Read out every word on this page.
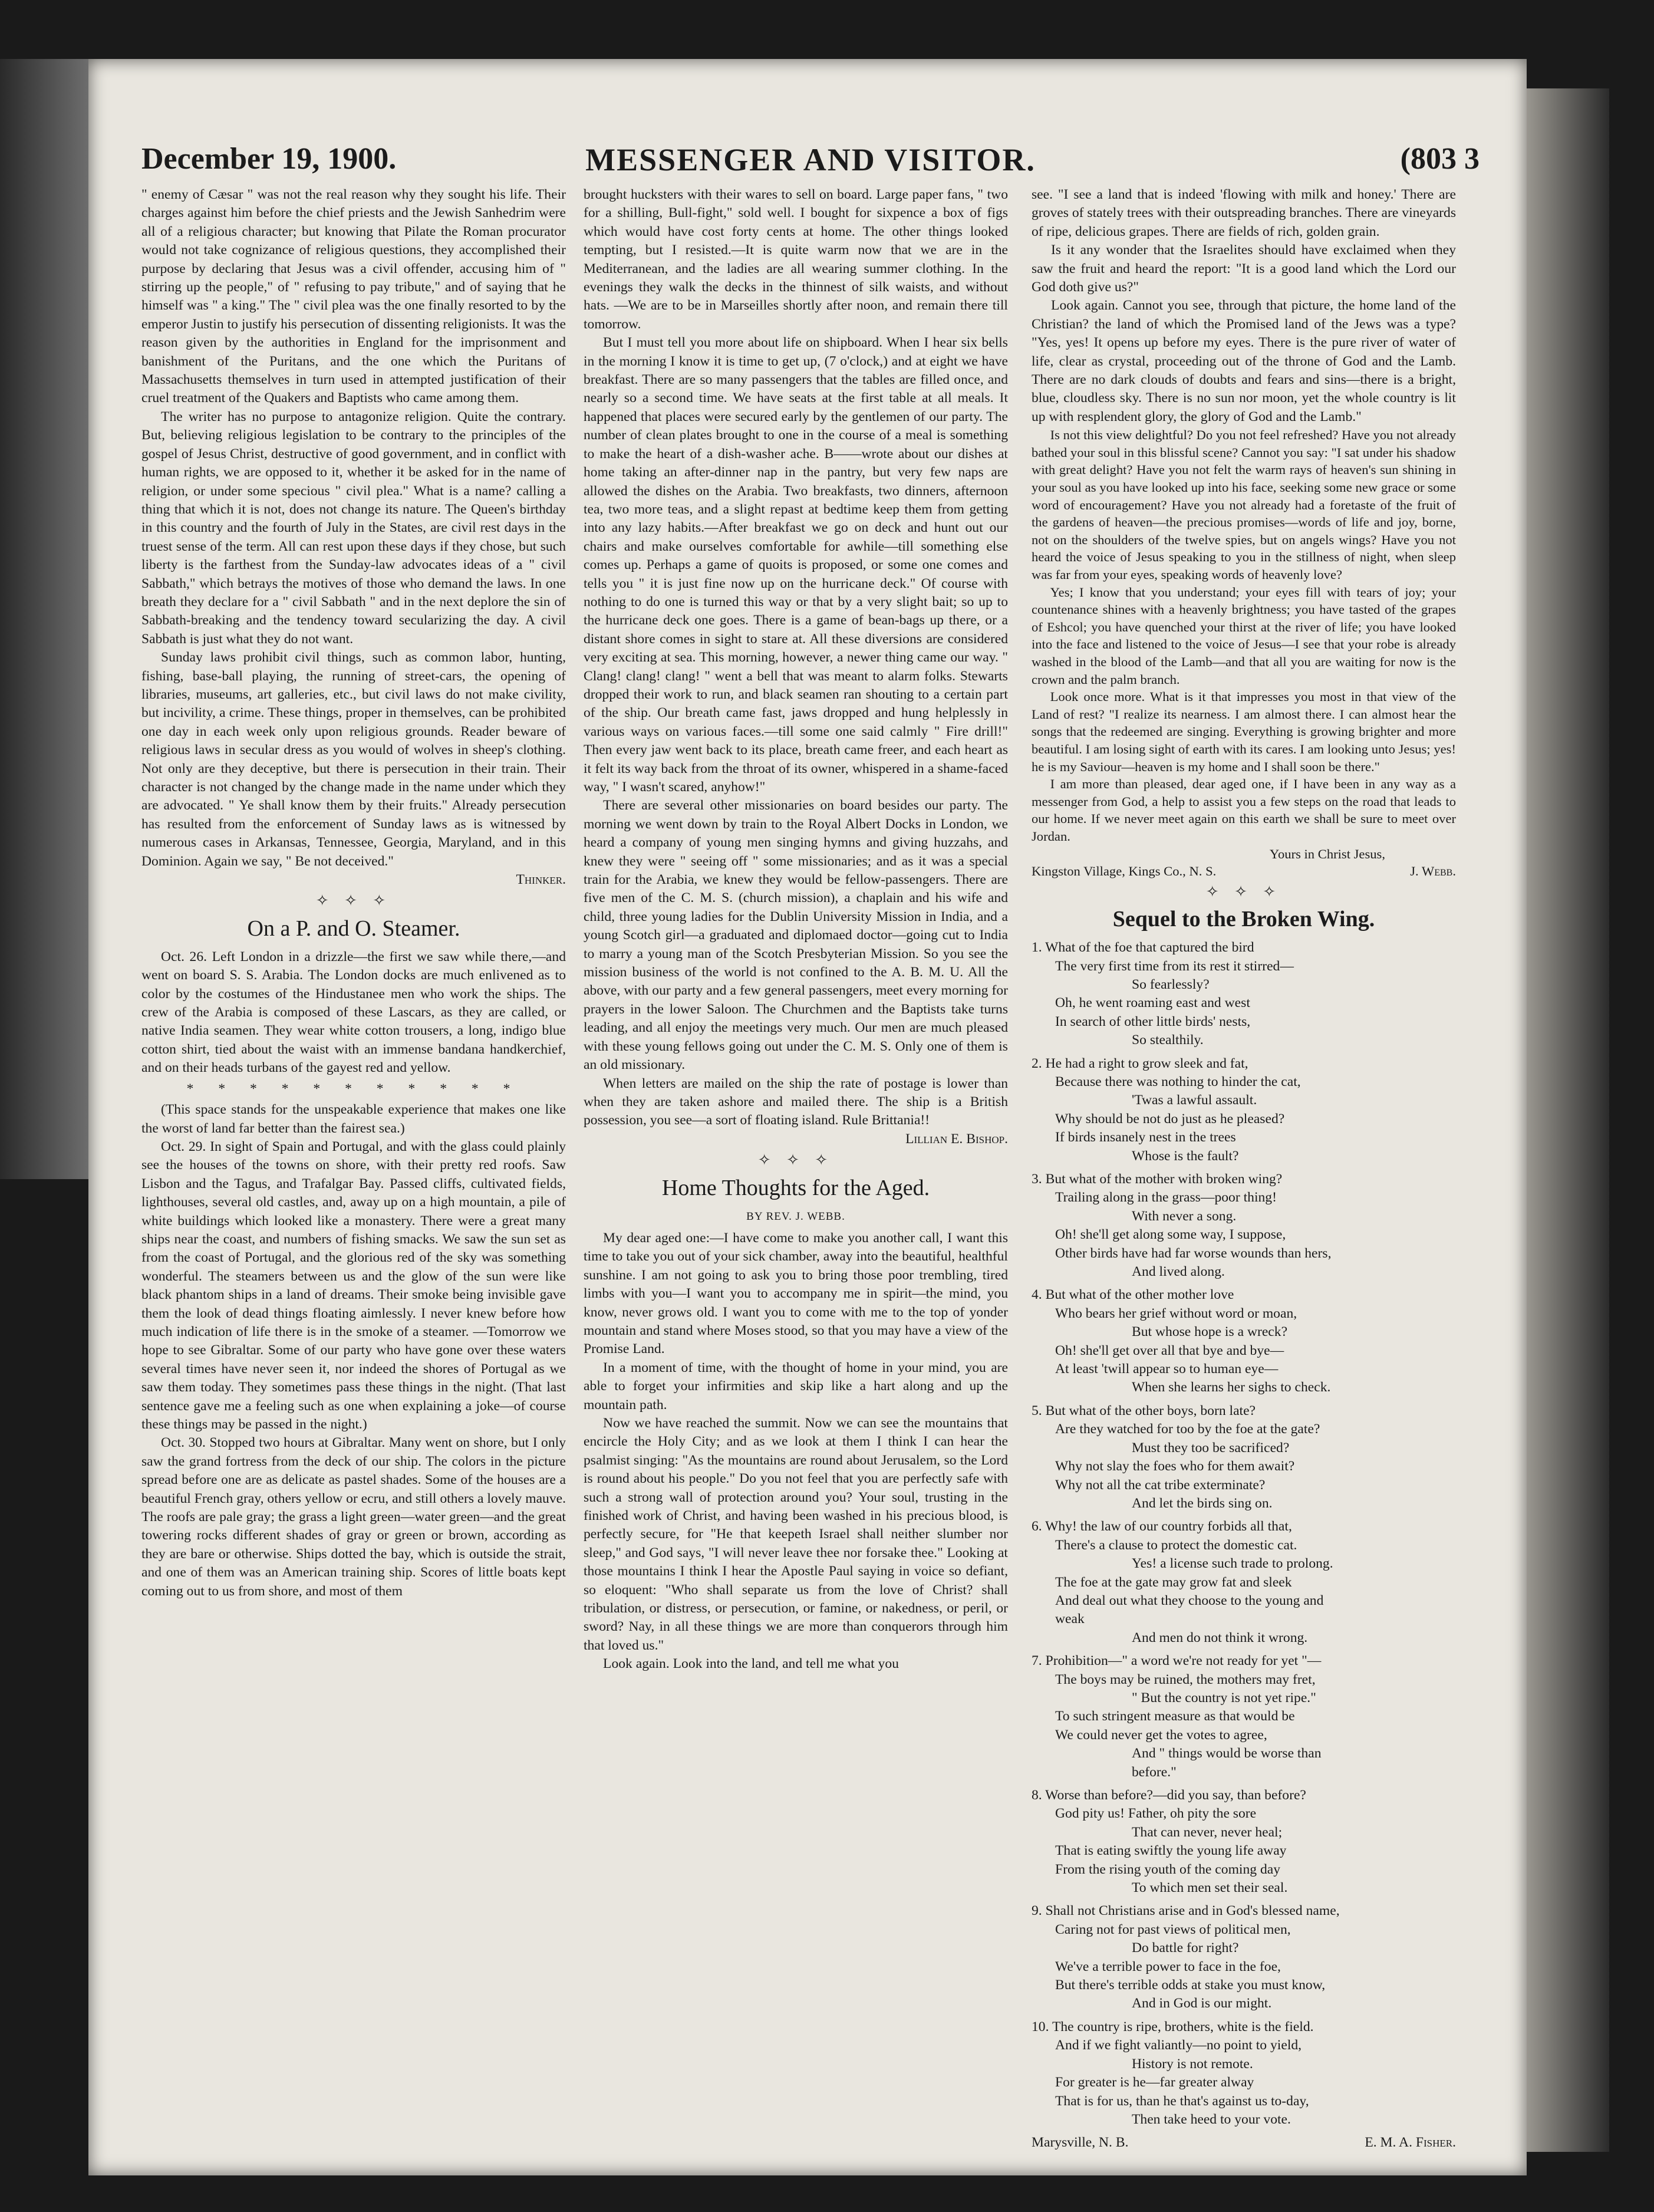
December 19, 1900.	MESSENGER AND VISITOR.	(803 3

" enemy of Cæsar " was not the real reason why they sought his life. Their charges against him before the chief priests and the Jewish Sanhedrim were all of a religious character; but knowing that Pilate the Roman procurator would not take cognizance of religious questions, they accomplished their purpose by declaring that Jesus was a civil offender, accusing him of " stirring up the people," of " refusing to pay tribute," and of saying that he himself was " a king." The " civil plea was the one finally resorted to by the emperor Justin to justify his persecution of dissenting religionists. It was the reason given by the authorities in England for the imprisonment and banishment of the Puritans, and the one which the Puritans of Massachusetts themselves in turn used in attempted justification of their cruel treatment of the Quakers and Baptists who came among them.

The writer has no purpose to antagonize religion. Quite the contrary. But, believing religious legislation to be contrary to the principles of the gospel of Jesus Christ, destructive of good government, and in conflict with human rights, we are opposed to it, whether it be asked for in the name of religion, or under some specious " civil plea." What is a name? calling a thing that which it is not, does not change its nature. The Queen's birthday in this country and the fourth of July in the States, are civil rest days in the truest sense of the term. All can rest upon these days if they chose, but such liberty is the farthest from the Sunday-law advocates ideas of a " civil Sabbath," which betrays the motives of those who demand the laws. In one breath they declare for a " civil Sabbath " and in the next deplore the sin of Sabbath-breaking and the tendency toward secularizing the day. A civil Sabbath is just what they do not want.

Sunday laws prohibit civil things, such as common labor, hunting, fishing, base-ball playing, the running of street-cars, the opening of libraries, museums, art galleries, etc., but civil laws do not make civility, but incivility, a crime. These things, proper in themselves, can be prohibited one day in each week only upon religious grounds. Reader beware of religious laws in secular dress as you would of wolves in sheep's clothing. Not only are they deceptive, but there is persecution in their train. Their character is not changed by the change made in the name under which they are advocated. " Ye shall know them by their fruits." Already persecution has resulted from the enforcement of Sunday laws as is witnessed by numerous cases in Arkansas, Tennessee, Georgia, Maryland, and in this Dominion. Again we say, " Be not deceived."

Thinker.
✧ ✧ ✧
On a P. and O. Steamer.

Oct. 26. Left London in a drizzle—the first we saw while there,—and went on board S. S. Arabia. The London docks are much enlivened as to color by the costumes of the Hindustanee men who work the ships. The crew of the Arabia is composed of these Lascars, as they are called, or native India seamen. They wear white cotton trousers, a long, indigo blue cotton shirt, tied about the waist with an immense bandana handkerchief, and on their heads turbans of the gayest red and yellow.

* * * * * * * * * * *

(This space stands for the unspeakable experience that makes one like the worst of land far better than the fairest sea.)

Oct. 29. In sight of Spain and Portugal, and with the glass could plainly see the houses of the towns on shore, with their pretty red roofs. Saw Lisbon and the Tagus, and Trafalgar Bay. Passed cliffs, cultivated fields, lighthouses, several old castles, and, away up on a high mountain, a pile of white buildings which looked like a monastery. There were a great many ships near the coast, and numbers of fishing smacks. We saw the sun set as from the coast of Portugal, and the glorious red of the sky was something wonderful. The steamers between us and the glow of the sun were like black phantom ships in a land of dreams. Their smoke being invisible gave them the look of dead things floating aimlessly. I never knew before how much indication of life there is in the smoke of a steamer. —Tomorrow we hope to see Gibraltar. Some of our party who have gone over these waters several times have never seen it, nor indeed the shores of Portugal as we saw them today. They sometimes pass these things in the night. (That last sentence gave me a feeling such as one when explaining a joke—of course these things may be passed in the night.)

Oct. 30. Stopped two hours at Gibraltar. Many went on shore, but I only saw the grand fortress from the deck of our ship. The colors in the picture spread before one are as delicate as pastel shades. Some of the houses are a beautiful French gray, others yellow or ecru, and still others a lovely mauve. The roofs are pale gray; the grass a light green—water green—and the great towering rocks different shades of gray or green or brown, according as they are bare or otherwise. Ships dotted the bay, which is outside the strait, and one of them was an American training ship. Scores of little boats kept coming out to us from shore, and most of them

brought hucksters with their wares to sell on board. Large paper fans, " two for a shilling, Bull-fight," sold well. I bought for sixpence a box of figs which would have cost forty cents at home. The other things looked tempting, but I resisted.—It is quite warm now that we are in the Mediterranean, and the ladies are all wearing summer clothing. In the evenings they walk the decks in the thinnest of silk waists, and without hats. —We are to be in Marseilles shortly after noon, and remain there till tomorrow.

But I must tell you more about life on shipboard. When I hear six bells in the morning I know it is time to get up, (7 o'clock,) and at eight we have breakfast. There are so many passengers that the tables are filled once, and nearly so a second time. We have seats at the first table at all meals. It happened that places were secured early by the gentlemen of our party. The number of clean plates brought to one in the course of a meal is something to make the heart of a dish-washer ache. B——wrote about our dishes at home taking an after-dinner nap in the pantry, but very few naps are allowed the dishes on the Arabia. Two breakfasts, two dinners, afternoon tea, two more teas, and a slight repast at bedtime keep them from getting into any lazy habits.—After breakfast we go on deck and hunt out our chairs and make ourselves comfortable for awhile—till something else comes up. Perhaps a game of quoits is proposed, or some one comes and tells you " it is just fine now up on the hurricane deck." Of course with nothing to do one is turned this way or that by a very slight bait; so up to the hurricane deck one goes. There is a game of bean-bags up there, or a distant shore comes in sight to stare at. All these diversions are considered very exciting at sea. This morning, however, a newer thing came our way. " Clang! clang! clang! " went a bell that was meant to alarm folks. Stewarts dropped their work to run, and black seamen ran shouting to a certain part of the ship. Our breath came fast, jaws dropped and hung helplessly in various ways on various faces.—till some one said calmly " Fire drill!" Then every jaw went back to its place, breath came freer, and each heart as it felt its way back from the throat of its owner, whispered in a shame-faced way, " I wasn't scared, anyhow!"

There are several other missionaries on board besides our party. The morning we went down by train to the Royal Albert Docks in London, we heard a company of young men singing hymns and giving huzzahs, and knew they were " seeing off " some missionaries; and as it was a special train for the Arabia, we knew they would be fellow-passengers. There are five men of the C. M. S. (church mission), a chaplain and his wife and child, three young ladies for the Dublin University Mission in India, and a young Scotch girl—a graduated and diplomaed doctor—going cut to India to marry a young man of the Scotch Presbyterian Mission. So you see the mission business of the world is not confined to the A. B. M. U. All the above, with our party and a few general passengers, meet every morning for prayers in the lower Saloon. The Churchmen and the Baptists take turns leading, and all enjoy the meetings very much. Our men are much pleased with these young fellows going out under the C. M. S. Only one of them is an old missionary.

When letters are mailed on the ship the rate of postage is lower than when they are taken ashore and mailed there. The ship is a British possession, you see—a sort of floating island. Rule Brittania!!

Lillian E. Bishop.
✧ ✧ ✧
Home Thoughts for the Aged.
BY REV. J. WEBB.

My dear aged one:—I have come to make you another call, I want this time to take you out of your sick chamber, away into the beautiful, healthful sunshine. I am not going to ask you to bring those poor trembling, tired limbs with you—I want you to accompany me in spirit—the mind, you know, never grows old. I want you to come with me to the top of yonder mountain and stand where Moses stood, so that you may have a view of the Promise Land.

In a moment of time, with the thought of home in your mind, you are able to forget your infirmities and skip like a hart along and up the mountain path.

Now we have reached the summit. Now we can see the mountains that encircle the Holy City; and as we look at them I think I can hear the psalmist singing: "As the mountains are round about Jerusalem, so the Lord is round about his people." Do you not feel that you are perfectly safe with such a strong wall of protection around you? Your soul, trusting in the finished work of Christ, and having been washed in his precious blood, is perfectly secure, for "He that keepeth Israel shall neither slumber nor sleep," and God says, "I will never leave thee nor forsake thee." Looking at those mountains I think I hear the Apostle Paul saying in voice so defiant, so eloquent: "Who shall separate us from the love of Christ? shall tribulation, or distress, or persecution, or famine, or nakedness, or peril, or sword? Nay, in all these things we are more than conquerors through him that loved us."

Look again. Look into the land, and tell me what you

see. "I see a land that is indeed 'flowing with milk and honey.' There are groves of stately trees with their outspreading branches. There are vineyards of ripe, delicious grapes. There are fields of rich, golden grain.

Is it any wonder that the Israelites should have exclaimed when they saw the fruit and heard the report: "It is a good land which the Lord our God doth give us?"

Look again. Cannot you see, through that picture, the home land of the Christian? the land of which the Promised land of the Jews was a type? "Yes, yes! It opens up before my eyes. There is the pure river of water of life, clear as crystal, proceeding out of the throne of God and the Lamb. There are no dark clouds of doubts and fears and sins—there is a bright, blue, cloudless sky. There is no sun nor moon, yet the whole country is lit up with resplendent glory, the glory of God and the Lamb."

Is not this view delightful? Do you not feel refreshed? Have you not already bathed your soul in this blissful scene? Cannot you say: "I sat under his shadow with great delight? Have you not felt the warm rays of heaven's sun shining in your soul as you have looked up into his face, seeking some new grace or some word of encouragement? Have you not already had a foretaste of the fruit of the gardens of heaven—the precious promises—words of life and joy, borne, not on the shoulders of the twelve spies, but on angels wings? Have you not heard the voice of Jesus speaking to you in the stillness of night, when sleep was far from your eyes, speaking words of heavenly love?

Yes; I know that you understand; your eyes fill with tears of joy; your countenance shines with a heavenly brightness; you have tasted of the grapes of Eshcol; you have quenched your thirst at the river of life; you have looked into the face and listened to the voice of Jesus—I see that your robe is already washed in the blood of the Lamb—and that all you are waiting for now is the crown and the palm branch.

Look once more. What is it that impresses you most in that view of the Land of rest? "I realize its nearness. I am almost there. I can almost hear the songs that the redeemed are singing. Everything is growing brighter and more beautiful. I am losing sight of earth with its cares. I am looking unto Jesus; yes! he is my Saviour—heaven is my home and I shall soon be there."

I am more than pleased, dear aged one, if I have been in any way as a messenger from God, a help to assist you a few steps on the road that leads to our home. If we never meet again on this earth we shall be sure to meet over Jordan.

Yours in Christ Jesus,
Kingston Village, Kings Co., N. S.	J. Webb.
✧ ✧ ✧
Sequel to the Broken Wing.
1. What of the foe that captured the bird
The very first time from its rest it stirred—
So fearlessly?
Oh, he went roaming east and west
In search of other little birds' nests,
So stealthily.
2. He had a right to grow sleek and fat,
Because there was nothing to hinder the cat,
'Twas a lawful assault.
Why should be not do just as he pleased?
If birds insanely nest in the trees
Whose is the fault?
3. But what of the mother with broken wing?
Trailing along in the grass—poor thing!
With never a song.
Oh! she'll get along some way, I suppose,
Other birds have had far worse wounds than hers,
And lived along.
4. But what of the other mother love
Who bears her grief without word or moan,
But whose hope is a wreck?
Oh! she'll get over all that bye and bye—
At least 'twill appear so to human eye—
When she learns her sighs to check.
5. But what of the other boys, born late?
Are they watched for too by the foe at the gate?
Must they too be sacrificed?
Why not slay the foes who for them await?
Why not all the cat tribe exterminate?
And let the birds sing on.
6. Why! the law of our country forbids all that,
There's a clause to protect the domestic cat.
Yes! a license such trade to prolong.
The foe at the gate may grow fat and sleek
And deal out what they choose to the young and
weak
And men do not think it wrong.
7. Prohibition—" a word we're not ready for yet "—
The boys may be ruined, the mothers may fret,
" But the country is not yet ripe."
To such stringent measure as that would be
We could never get the votes to agree,
And " things would be worse than
before."
8. Worse than before?—did you say, than before?
God pity us! Father, oh pity the sore
That can never, never heal;
That is eating swiftly the young life away
From the rising youth of the coming day
To which men set their seal.
9. Shall not Christians arise and in God's blessed name,
Caring not for past views of political men,
Do battle for right?
We've a terrible power to face in the foe,
But there's terrible odds at stake you must know,
And in God is our might.
10. The country is ripe, brothers, white is the field.
And if we fight valiantly—no point to yield,
History is not remote.
For greater is he—far greater alway
That is for us, than he that's against us to-day,
Then take heed to your vote.
Marysville, N. B.	E. M. A. Fisher.
